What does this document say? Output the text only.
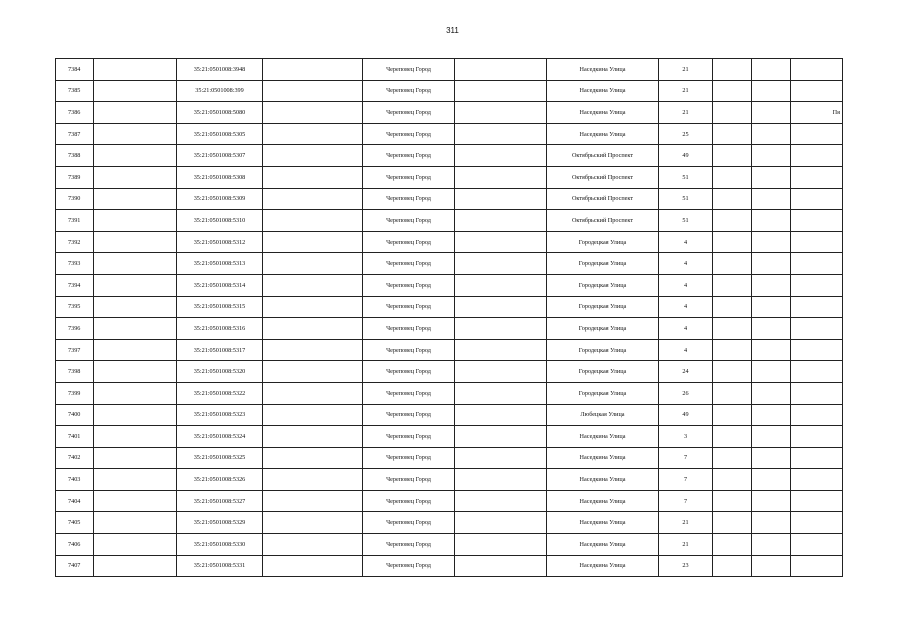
311
7384		35:21:0501008:3948		Череповец Город		Наседкина Улица	21			
7385		35:21:0501008:399		Череповец Город		Наседкина Улица	21			
7386		35:21:0501008:5080		Череповец Город		Наседкина Улица	21			Пя
7387		35:21:0501008:5305		Череповец Город		Наседкина Улица	25			
7388		35:21:0501008:5307		Череповец Город		Октябрьский Проспект	49			
7389		35:21:0501008:5308		Череповец Город		Октябрьский Проспект	51			
7390		35:21:0501008:5309		Череповец Город		Октябрьский Проспект	51			
7391		35:21:0501008:5310		Череповец Город		Октябрьский Проспект	51			
7392		35:21:0501008:5312		Череповец Город		Городецкая Улица	4			
7393		35:21:0501008:5313		Череповец Город		Городецкая Улица	4			
7394		35:21:0501008:5314		Череповец Город		Городецкая Улица	4			
7395		35:21:0501008:5315		Череповец Город		Городецкая Улица	4			
7396		35:21:0501008:5316		Череповец Город		Городецкая Улица	4			
7397		35:21:0501008:5317		Череповец Город		Городецкая Улица	4			
7398		35:21:0501008:5320		Череповец Город		Городецкая Улица	24			
7399		35:21:0501008:5322		Череповец Город		Городецкая Улица	26			
7400		35:21:0501008:5323		Череповец Город		Любецкая Улица	49			
7401		35:21:0501008:5324		Череповец Город		Наседкина Улица	3			
7402		35:21:0501008:5325		Череповец Город		Наседкина Улица	7			
7403		35:21:0501008:5326		Череповец Город		Наседкина Улица	7			
7404		35:21:0501008:5327		Череповец Город		Наседкина Улица	7			
7405		35:21:0501008:5329		Череповец Город		Наседкина Улица	21			
7406		35:21:0501008:5330		Череповец Город		Наседкина Улица	21			
7407		35:21:0501008:5331		Череповец Город		Наседкина Улица	23			
